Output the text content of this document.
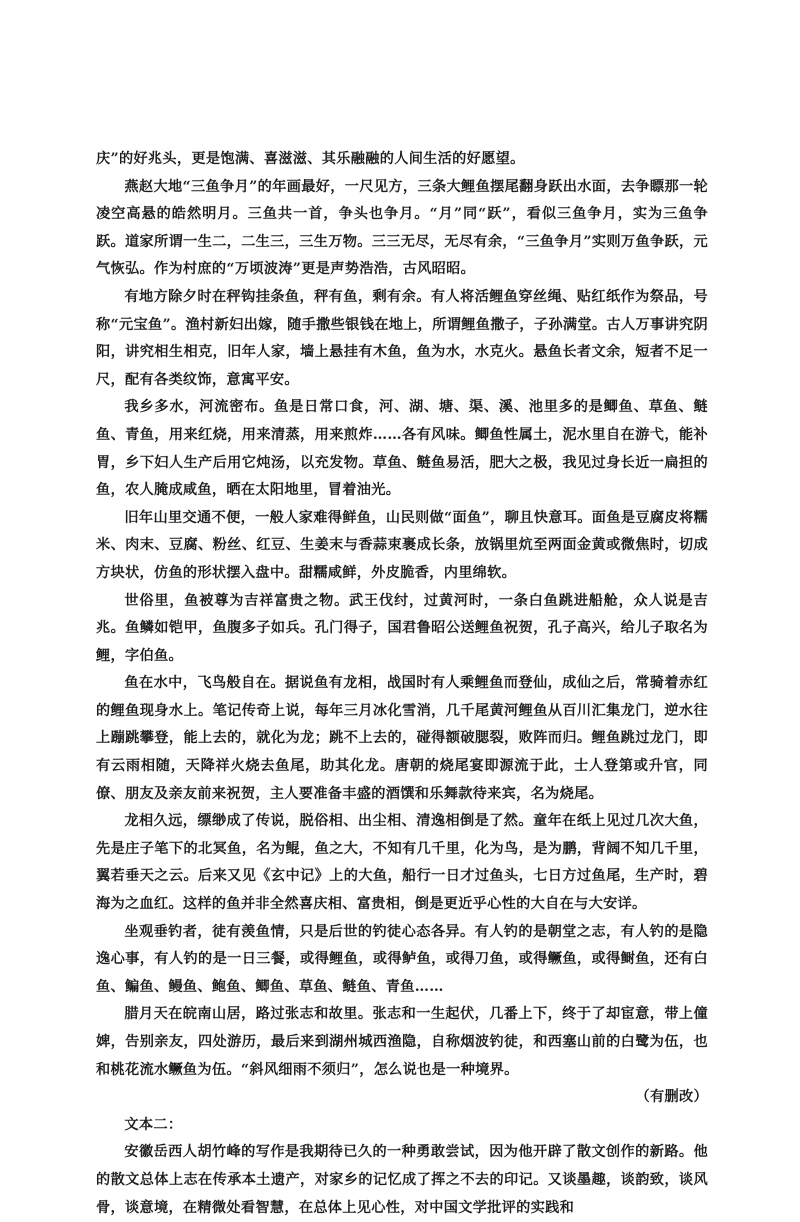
庆”的好兆头，更是饱满、喜滋滋、其乐融融的人间生活的好愿望。

燕赵大地“三鱼争月”的年画最好，一尺见方，三条大鲤鱼摆尾翻身跃出水面，去争瞟那一轮凌空高悬的皓然明月。三鱼共一首，争头也争月。“月”同“跃”，看似三鱼争月，实为三鱼争跃。道家所谓一生二，二生三，三生万物。三三无尽，无尽有余，“三鱼争月”实则万鱼争跃，元气恢弘。作为村庶的“万顷波涛”更是声势浩浩，古风昭昭。

有地方除夕时在秤钩挂条鱼，秤有鱼，剩有余。有人将活鲤鱼穿丝绳、贴红纸作为祭品，号称“元宝鱼”。渔村新妇出嫁，随手撒些银钱在地上，所谓鲤鱼撒子，子孙满堂。古人万事讲究阴阳，讲究相生相克，旧年人家，墙上悬挂有木鱼，鱼为水，水克火。悬鱼长者文余，短者不足一尺，配有各类纹饰，意寓平安。

我乡多水，河流密布。鱼是日常口食，河、湖、塘、渠、溪、池里多的是鲫鱼、草鱼、鲢鱼、青鱼，用来红烧，用来清蒸，用来煎炸……各有风味。鲫鱼性属土，泥水里自在游弋，能补胃，乡下妇人生产后用它炖汤，以充发物。草鱼、鲢鱼易活，肥大之极，我见过身长近一扁担的鱼，农人腌成咸鱼，晒在太阳地里，冒着油光。

旧年山里交通不便，一般人家难得鲜鱼，山民则做“面鱼”，聊且快意耳。面鱼是豆腐皮将糯米、肉末、豆腐、粉丝、红豆、生姜末与香蒜束裹成长条，放锅里炕至两面金黄或微焦时，切成方块状，仿鱼的形状摆入盘中。甜糯咸鲜，外皮脆香，内里绵软。

世俗里，鱼被尊为吉祥富贵之物。武王伐纣，过黄河时，一条白鱼跳进船舱，众人说是吉兆。鱼鳞如铠甲，鱼腹多子如兵。孔门得子，国君鲁昭公送鲤鱼祝贺，孔子高兴，给儿子取名为鲤，字伯鱼。

鱼在水中，飞鸟般自在。据说鱼有龙相，战国时有人乘鲤鱼而登仙，成仙之后，常骑着赤红的鲤鱼现身水上。笔记传奇上说，每年三月冰化雪消，几千尾黄河鲤鱼从百川汇集龙门，逆水往上蹦跳攀登，能上去的，就化为龙；跳不上去的，碰得额破腮裂，败阵而归。鲤鱼跳过龙门，即有云雨相随，天降祥火烧去鱼尾，助其化龙。唐朝的烧尾宴即源流于此，士人登第或升官，同僚、朋友及亲友前来祝贺，主人要准备丰盛的酒馔和乐舞款待来宾，名为烧尾。

龙相久远，缥缈成了传说，脱俗相、出尘相、清逸相倒是了然。童年在纸上见过几次大鱼，先是庄子笔下的北冥鱼，名为鲲，鱼之大，不知有几千里，化为鸟，是为鹏，背阔不知几千里，翼若垂天之云。后来又见《玄中记》上的大鱼，船行一日才过鱼头，七日方过鱼尾，生产时，碧海为之血红。这样的鱼并非全然喜庆相、富贵相，倒是更近乎心性的大自在与大安详。

坐观垂钓者，徒有羡鱼情，只是后世的钓徒心态各异。有人钓的是朝堂之志，有人钓的是隐逸心事，有人钓的是一日三餐，或得鲤鱼，或得鲈鱼，或得刀鱼，或得鳜鱼，或得鲥鱼，还有白鱼、鳊鱼、鳗鱼、鲍鱼、鲫鱼、草鱼、鲢鱼、青鱼……

腊月天在皖南山居，路过张志和故里。张志和一生起伏，几番上下，终于了却宦意，带上僮婢，告别亲友，四处游历，最后来到湖州城西渔隐，自称烟波钓徒，和西塞山前的白鹭为伍，也和桃花流水鳜鱼为伍。“斜风细雨不须归”，怎么说也是一种境界。

（有删改）

文本二：

安徽岳西人胡竹峰的写作是我期待已久的一种勇敢尝试，因为他开辟了散文创作的新路。他的散文总体上志在传承本土遗产，对家乡的记忆成了挥之不去的印记。又谈墨趣，谈韵致，谈风骨，谈意境，在精微处看智慧，在总体上见心性，对中国文学批评的实践和
